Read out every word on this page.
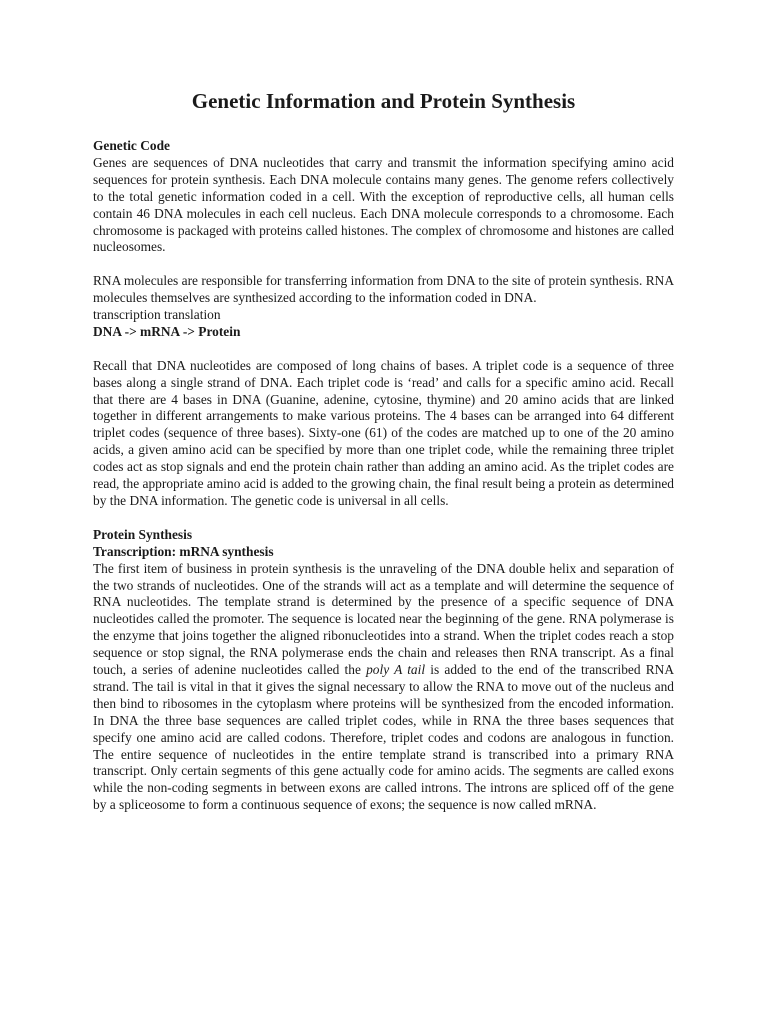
Genetic Information and Protein Synthesis

Genetic Code

Genes are sequences of DNA nucleotides that carry and transmit the information specifying amino acid sequences for protein synthesis. Each DNA molecule contains many genes. The genome refers collectively to the total genetic information coded in a cell. With the exception of reproductive cells, all human cells contain 46 DNA molecules in each cell nucleus. Each DNA molecule corresponds to a chromosome. Each chromosome is packaged with proteins called histones. The complex of chromosome and histones are called nucleosomes.

RNA molecules are responsible for transferring information from DNA to the site of protein synthesis. RNA molecules themselves are synthesized according to the information coded in DNA.

transcription translation

DNA -> mRNA -> Protein

Recall that DNA nucleotides are composed of long chains of bases. A triplet code is a sequence of three bases along a single strand of DNA. Each triplet code is ‘read’ and calls for a specific amino acid. Recall that there are 4 bases in DNA (Guanine, adenine, cytosine, thymine) and 20 amino acids that are linked together in different arrangements to make various proteins. The 4 bases can be arranged into 64 different triplet codes (sequence of three bases). Sixty-one (61) of the codes are matched up to one of the 20 amino acids, a given amino acid can be specified by more than one triplet code, while the remaining three triplet codes act as stop signals and end the protein chain rather than adding an amino acid. As the triplet codes are read, the appropriate amino acid is added to the growing chain, the final result being a protein as determined by the DNA information. The genetic code is universal in all cells.

Protein Synthesis

Transcription: mRNA synthesis

The first item of business in protein synthesis is the unraveling of the DNA double helix and separation of the two strands of nucleotides. One of the strands will act as a template and will determine the sequence of RNA nucleotides. The template strand is determined by the presence of a specific sequence of DNA nucleotides called the promoter. The sequence is located near the beginning of the gene. RNA polymerase is the enzyme that joins together the aligned ribonucleotides into a strand. When the triplet codes reach a stop sequence or stop signal, the RNA polymerase ends the chain and releases then RNA transcript. As a final touch, a series of adenine nucleotides called the poly A tail is added to the end of the transcribed RNA strand. The tail is vital in that it gives the signal necessary to allow the RNA to move out of the nucleus and then bind to ribosomes in the cytoplasm where proteins will be synthesized from the encoded information.

In DNA the three base sequences are called triplet codes, while in RNA the three bases sequences that specify one amino acid are called codons. Therefore, triplet codes and codons are analogous in function. The entire sequence of nucleotides in the entire template strand is transcribed into a primary RNA transcript. Only certain segments of this gene actually code for amino acids. The segments are called exons while the non-coding segments in between exons are called introns. The introns are spliced off of the gene by a spliceosome to form a continuous sequence of exons; the sequence is now called mRNA.
